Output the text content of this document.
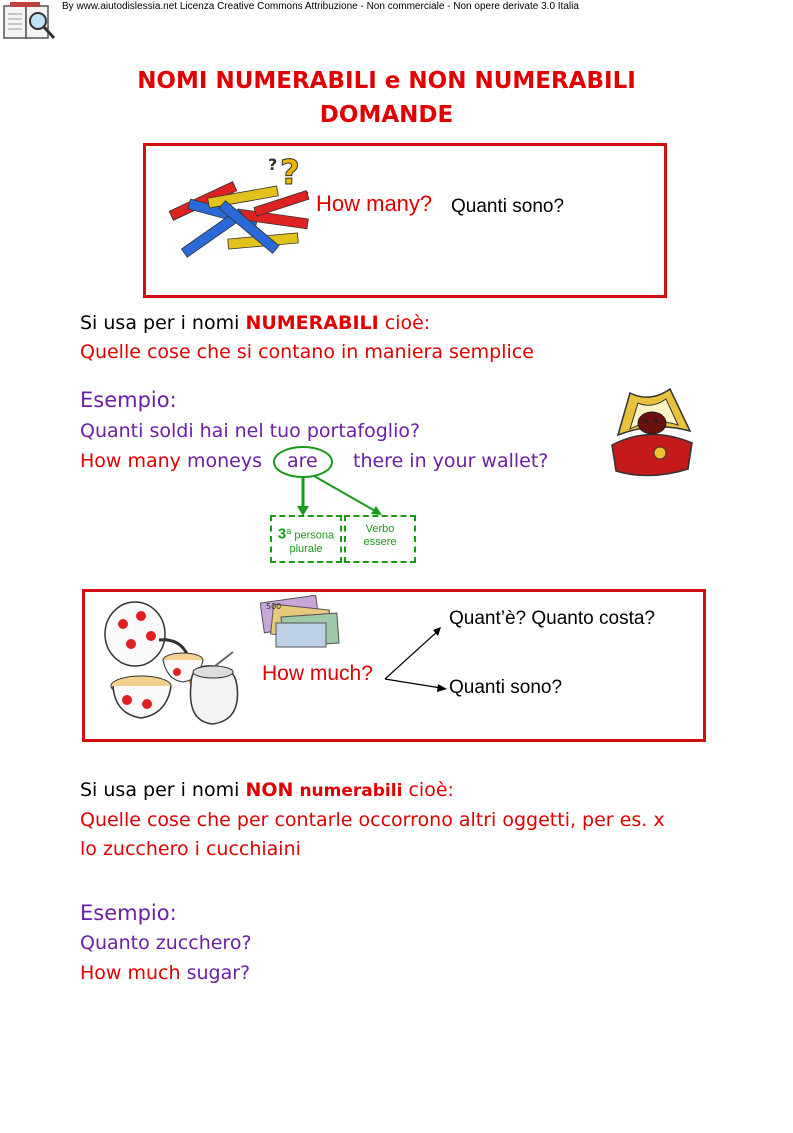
By www.aiutodislessia.net Licenza Creative Commons Attribuzione - Non commerciale - Non opere derivate 3.0 Italia
NOMI NUMERABILI e NON NUMERABILI
DOMANDE
?
?
How many? Quanti sono?
Si usa per i nomi NUMERABILI cioè:
Quelle cose che si contano in maniera semplice
Esempio:
Quanti soldi hai nel tuo portafoglio?
How many moneys are there in your wallet?
3$^a$ persona
plurale
Verbo
essere
500
How much?
Quant’è? Quanto costa?
Quanti sono?
Si usa per i nomi NON numerabili cioè:
Quelle cose che per contarle occorrono altri oggetti, per es. x
lo zucchero i cucchiaini
Esempio:
Quanto zucchero?
How much sugar?
